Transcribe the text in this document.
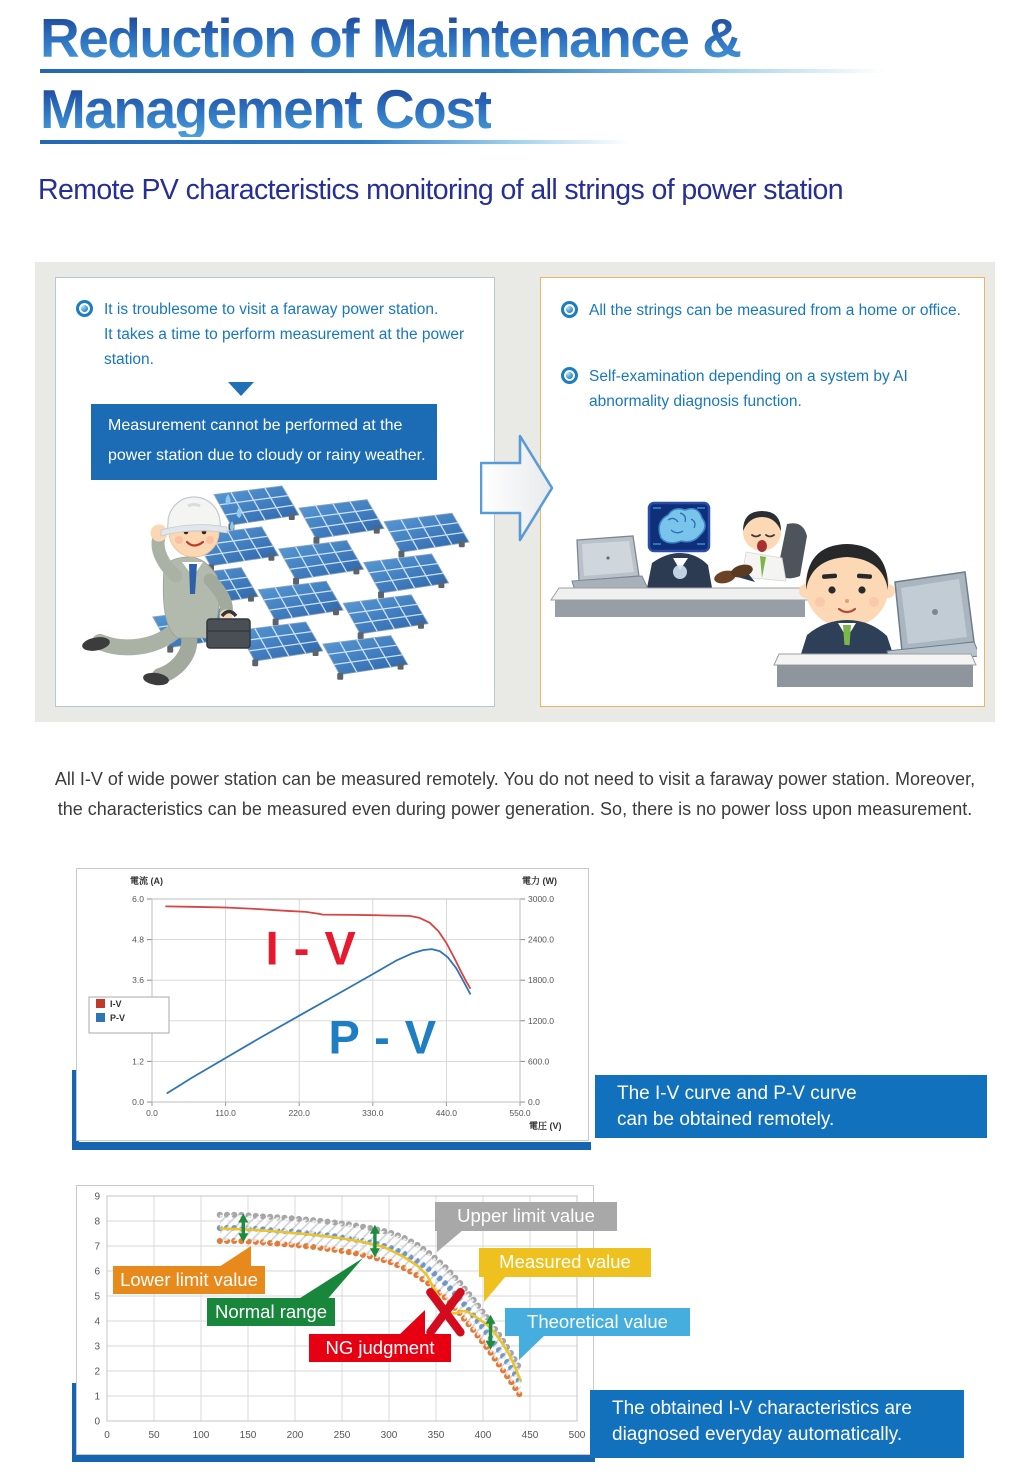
Reduction of Maintenance &
Management Cost
Remote PV characteristics monitoring of all strings of power station
It is troublesome to visit a faraway power station.
It takes a time to perform measurement at the power station.
Measurement cannot be performed at the
power station due to cloudy or rainy weather.
All the strings can be measured from a home or office.
Self-examination depending on a system by AI abnormality diagnosis function.
All I-V of wide power station can be measured remotely. You do not need to visit a faraway power station. Moreover, the characteristics can be measured even during power generation. So, there is no power loss upon measurement.
0.0	110.0	220.0	330.0	440.0	550.0
0.0	0.0
1.2	600.0
1200.0
3.6	1800.0
4.8	2400.0
6.0	3000.0
電流 (A)	電力 (W)
電圧 (V)
I - V
P - V
I-V
P-V
The I-V curve and P-V curve
can be obtained remotely.
0	50	100	150	200	250	300	350	400	450	500
0
1
2
3
4
5
6
7
8
9
Upper limit value
Measured value
Lower limit value
Normal range	Theoretical value
NG judgment
The obtained I-V characteristics are
diagnosed everyday automatically.
